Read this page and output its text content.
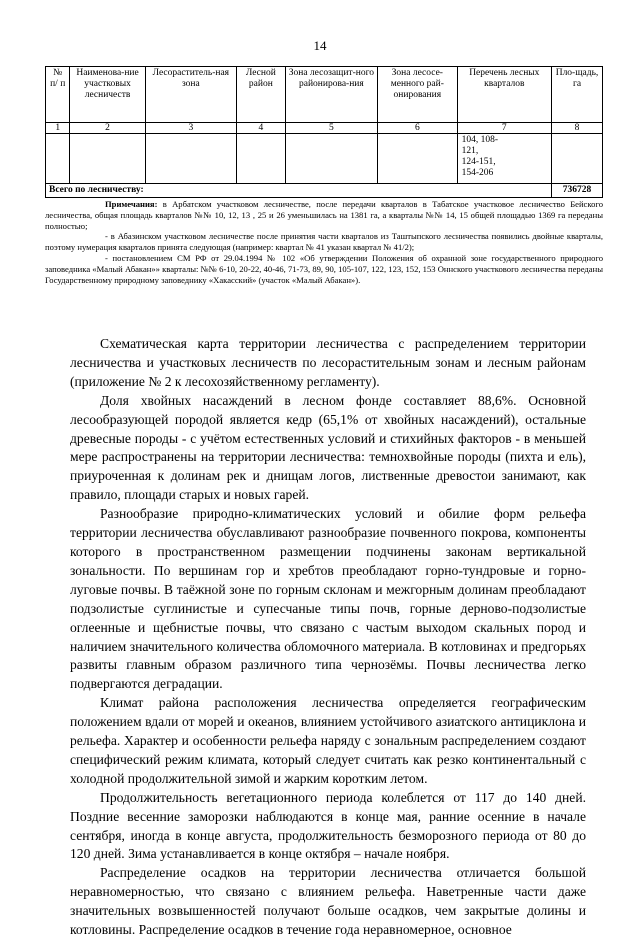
14
№ п/ п	Наименова-ние участковых лесничеств	Лесораститель-ная зона	Лесной район	Зона лесозащит-ного районирова-ния	Зона лесосе-менного рай-онирования	Перечень лесных кварталов	Пло-щадь, га
1	2	3	4	5	6	7	8

						104, 108-
121,
124-151,
154-206	

Всего по лесничеству:							736728

Примечания: в Арбатском участковом лесничестве, после передачи кварталов в Табатское участковое лесничество Бейского лесничества, общая площадь кварталов №№ 10, 12, 13 , 25 и 26 уменьшилась на 1381 га, а кварталы №№ 14, 15 общей площадью 1369 га переданы полностью;

- в Абазинском участковом лесничестве после принятия части кварталов из Таштыпского лесничества появились двойные кварталы, поэтому нумерация кварталов принята следующая (например: квартал № 41 указан квартал № 41/2);

- постановлением СМ РФ от 29.04.1994 № 102 «Об утверждении Положения об охранной зоне государственного природного заповедника «Малый Абакан»» кварталы: №№ 6-10, 20-22, 40-46, 71-73, 89, 90, 105-107, 122, 123, 152, 153 Оннского участкового лесничества переданы Государственному природному заповеднику «Хакасский» (участок «Малый Абакан»).

Схематическая карта территории лесничества с распределением территории лесничества и участковых лесничеств по лесорастительным зонам и лесным районам (приложение № 2 к лесохозяйственному регламенту).

Доля хвойных насаждений в лесном фонде составляет 88,6%. Основной лесообразующей породой является кедр (65,1% от хвойных насаждений), остальные древесные породы - с учётом естественных условий и стихийных факторов - в меньшей мере распространены на территории лесничества: темнохвойные породы (пихта и ель), приуроченная к долинам рек и днищам логов, лиственные древостои занимают, как правило, площади старых и новых гарей.

Разнообразие природно-климатических условий и обилие форм рельефа территории лесничества обуславливают разнообразие почвенного покрова, компоненты которого в пространственном размещении подчинены законам вертикальной зональности. По вершинам гор и хребтов преобладают горно-тундровые и горно-луговые почвы. В таёжной зоне по горным склонам и межгорным долинам преобладают подзолистые суглинистые и супесчаные типы почв, горные дерново-подзолистые оглеенные и щебнистые почвы, что связано с частым выходом скальных пород и наличием значительного количества обломочного материала. В котловинах и предгорьях развиты главным образом различного типа чернозёмы. Почвы лесничества легко подвергаются деградации.

Климат района расположения лесничества определяется географическим положением вдали от морей и океанов, влиянием устойчивого азиатского антициклона и рельефа. Характер и особенности рельефа наряду с зональным распределением создают специфический режим климата, который следует считать как резко континентальный с холодной продолжительной зимой и жарким коротким летом.

Продолжительность вегетационного периода колеблется от 117 до 140 дней. Поздние весенние заморозки наблюдаются в конце мая, ранние осенние в начале сентября, иногда в конце августа, продолжительность безморозного периода от 80 до 120 дней. Зима устанавливается в конце октября – начале ноября.

Распределение осадков на территории лесничества отличается большой неравномерностью, что связано с влиянием рельефа. Наветренные части даже значительных возвышенностей получают больше осадков, чем закрытые долины и котловины. Распределение осадков в течение года неравномерное, основное
